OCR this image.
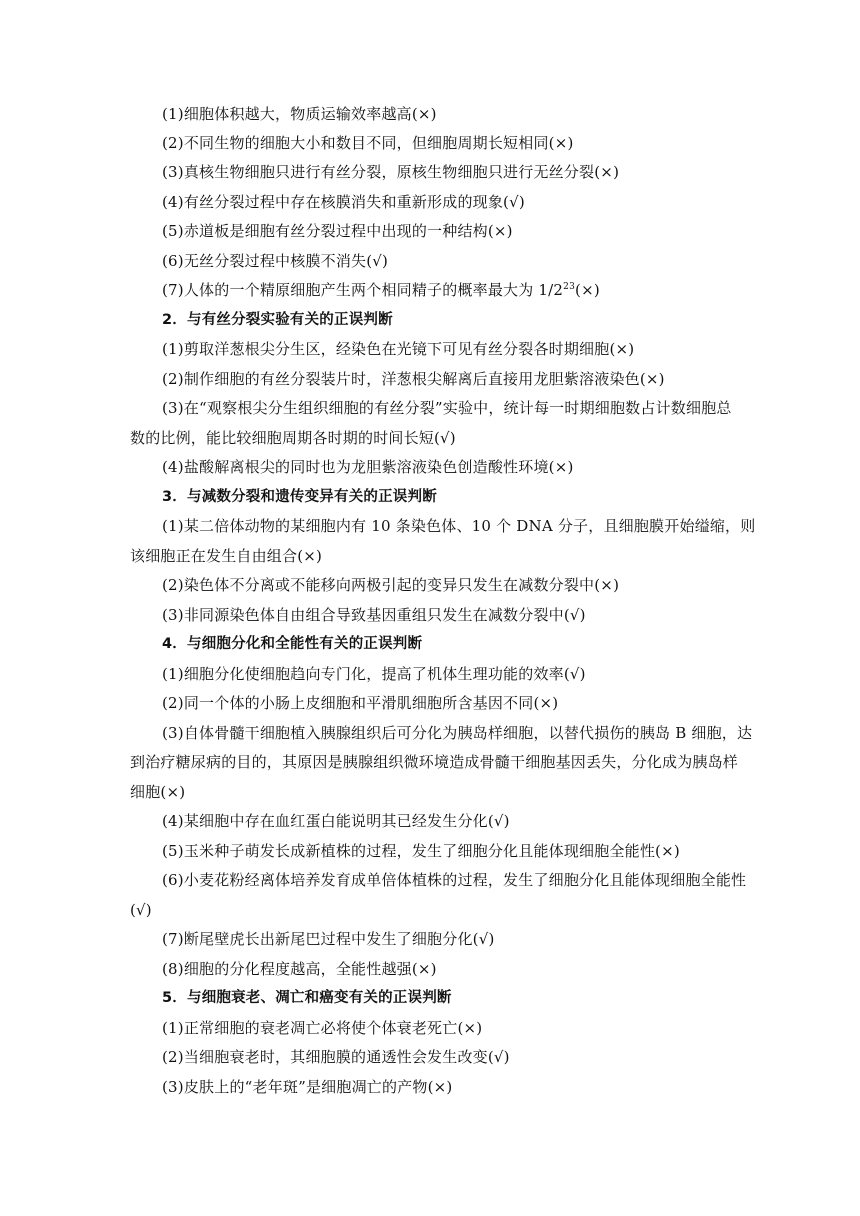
(1)细胞体积越大，物质运输效率越高(×)
(2)不同生物的细胞大小和数目不同，但细胞周期长短相同(×)
(3)真核生物细胞只进行有丝分裂，原核生物细胞只进行无丝分裂(×)
(4)有丝分裂过程中存在核膜消失和重新形成的现象(√)
(5)赤道板是细胞有丝分裂过程中出现的一种结构(×)
(6)无丝分裂过程中核膜不消失(√)
(7)人体的一个精原细胞产生两个相同精子的概率最大为 $1/2^{23}(\times)$
2．与有丝分裂实验有关的正误判断
(1)剪取洋葱根尖分生区，经染色在光镜下可见有丝分裂各时期细胞(×)
(2)制作细胞的有丝分裂装片时，洋葱根尖解离后直接用龙胆紫溶液染色(×)
(3)在“观察根尖分生组织细胞的有丝分裂”实验中，统计每一时期细胞数占计数细胞总
数的比例，能比较细胞周期各时期的时间长短(√)
(4)盐酸解离根尖的同时也为龙胆紫溶液染色创造酸性环境(×)
3．与减数分裂和遗传变异有关的正误判断
(1)某二倍体动物的某细胞内有 10 条染色体、10 个 DNA 分子，且细胞膜开始缢缩，则
该细胞正在发生自由组合(×)
(2)染色体不分离或不能移向两极引起的变异只发生在减数分裂中(×)
(3)非同源染色体自由组合导致基因重组只发生在减数分裂中(√)
4．与细胞分化和全能性有关的正误判断
(1)细胞分化使细胞趋向专门化，提高了机体生理功能的效率(√)
(2)同一个体的小肠上皮细胞和平滑肌细胞所含基因不同(×)
(3)自体骨髓干细胞植入胰腺组织后可分化为胰岛样细胞，以替代损伤的胰岛 B 细胞，达
到治疗糖尿病的目的，其原因是胰腺组织微环境造成骨髓干细胞基因丢失，分化成为胰岛样
细胞(×)
(4)某细胞中存在血红蛋白能说明其已经发生分化(√)
(5)玉米种子萌发长成新植株的过程，发生了细胞分化且能体现细胞全能性(×)
(6)小麦花粉经离体培养发育成单倍体植株的过程，发生了细胞分化且能体现细胞全能性
(√)
(7)断尾壁虎长出新尾巴过程中发生了细胞分化(√)
(8)细胞的分化程度越高，全能性越强(×)
5．与细胞衰老、凋亡和癌变有关的正误判断
(1)正常细胞的衰老凋亡必将使个体衰老死亡(×)
(2)当细胞衰老时，其细胞膜的通透性会发生改变(√)
(3)皮肤上的“老年斑”是细胞凋亡的产物(×)
